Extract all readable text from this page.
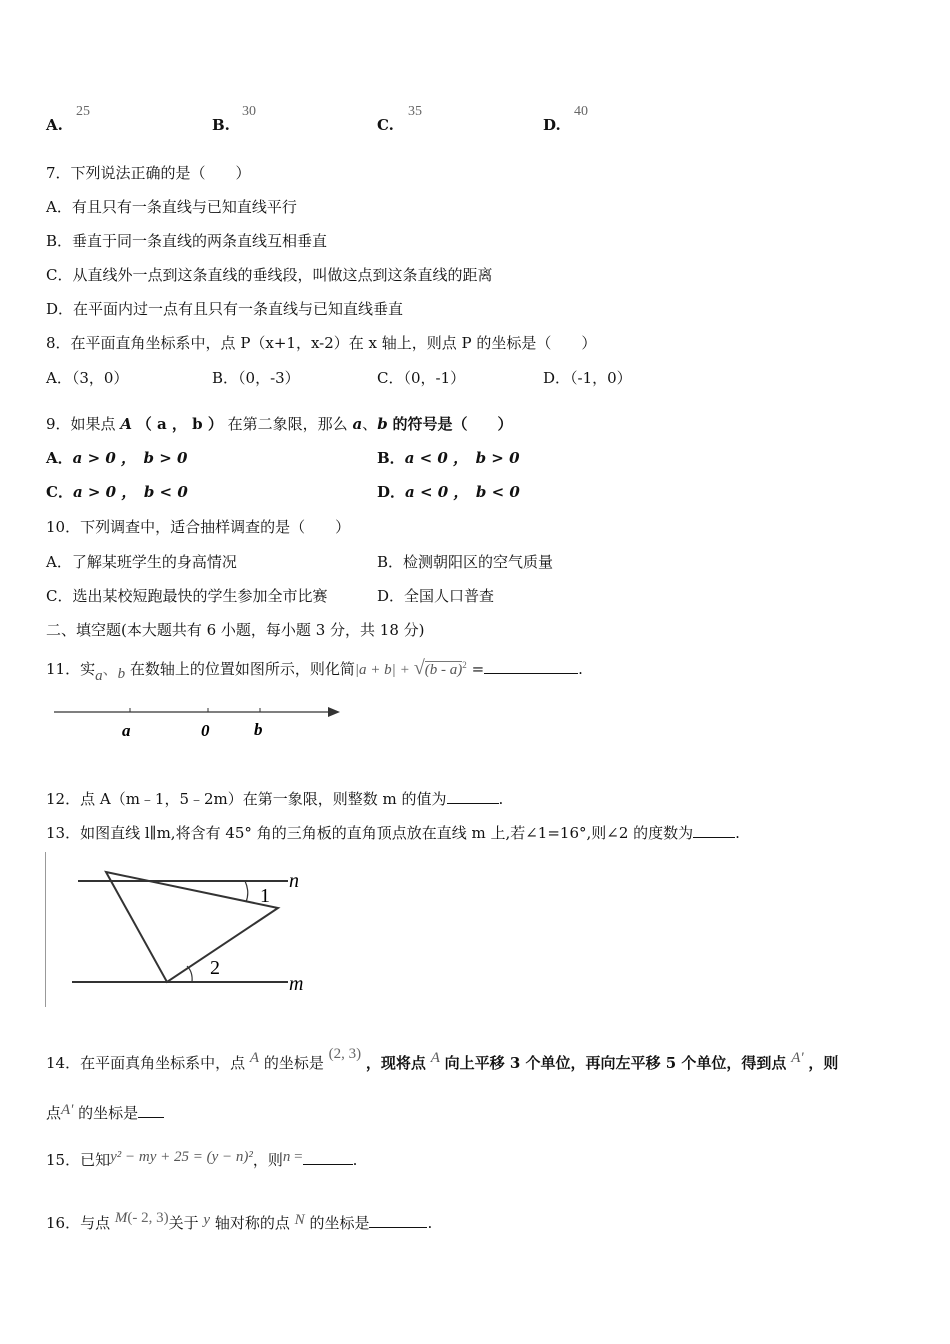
A.
25
B.
30
C.
35
D.
40
7．下列说法正确的是（　　）
A．有且只有一条直线与已知直线平行
B．垂直于同一条直线的两条直线互相垂直
C．从直线外一点到这条直线的垂线段，叫做这点到这条直线的距离
D．在平面内过一点有且只有一条直线与已知直线垂直
8．在平面直角坐标系中，点 P（x+1，x-2）在 x 轴上，则点 P 的坐标是（　　）
A．（3，0）	B．（0，-3）	C．（0，-1）	D．（-1，0）
9．如果点 A （ a ， b ） 在第二象限，那么 a、b 的符号是（　　）
A．a > 0 ，　b > 0	B．a < 0 ，　b > 0
C．a > 0 ，　b < 0	D．a < 0 ，　b < 0
10．下列调查中，适合抽样调查的是（　　）
A．了解某班学生的身高情况	B．检测朝阳区的空气质量
C．选出某校短跑最快的学生参加全市比赛	D．全国人口普查
二、填空题(本大题共有 6 小题，每小题 3 分，共 18 分)
11．实a、b 在数轴上的位置如图所示，则化简|a + b| + √(b - a)$^2$ =	.
a	0	b
12．点 A（m﹣1，5﹣2m）在第一象限，则整数 m 的值为	.
13．如图直线 l∥m,将含有 45° 角的三角板的直角顶点放在直线 m 上,若∠1=16°,则∠2 的度数为	.
n
m
1
2
14．在平面真角坐标系中，点 A 的坐标是 (2, 3) ，现将点 A 向上平移 3 个单位，再向左平移 5 个单位，得到点 A' ，则
点A' 的坐标是
15．已知y² − my + 25 = (y − n)²，则n =	.
16．与点 M(- 2, 3)关于 y 轴对称的点 N 的坐标是	.
